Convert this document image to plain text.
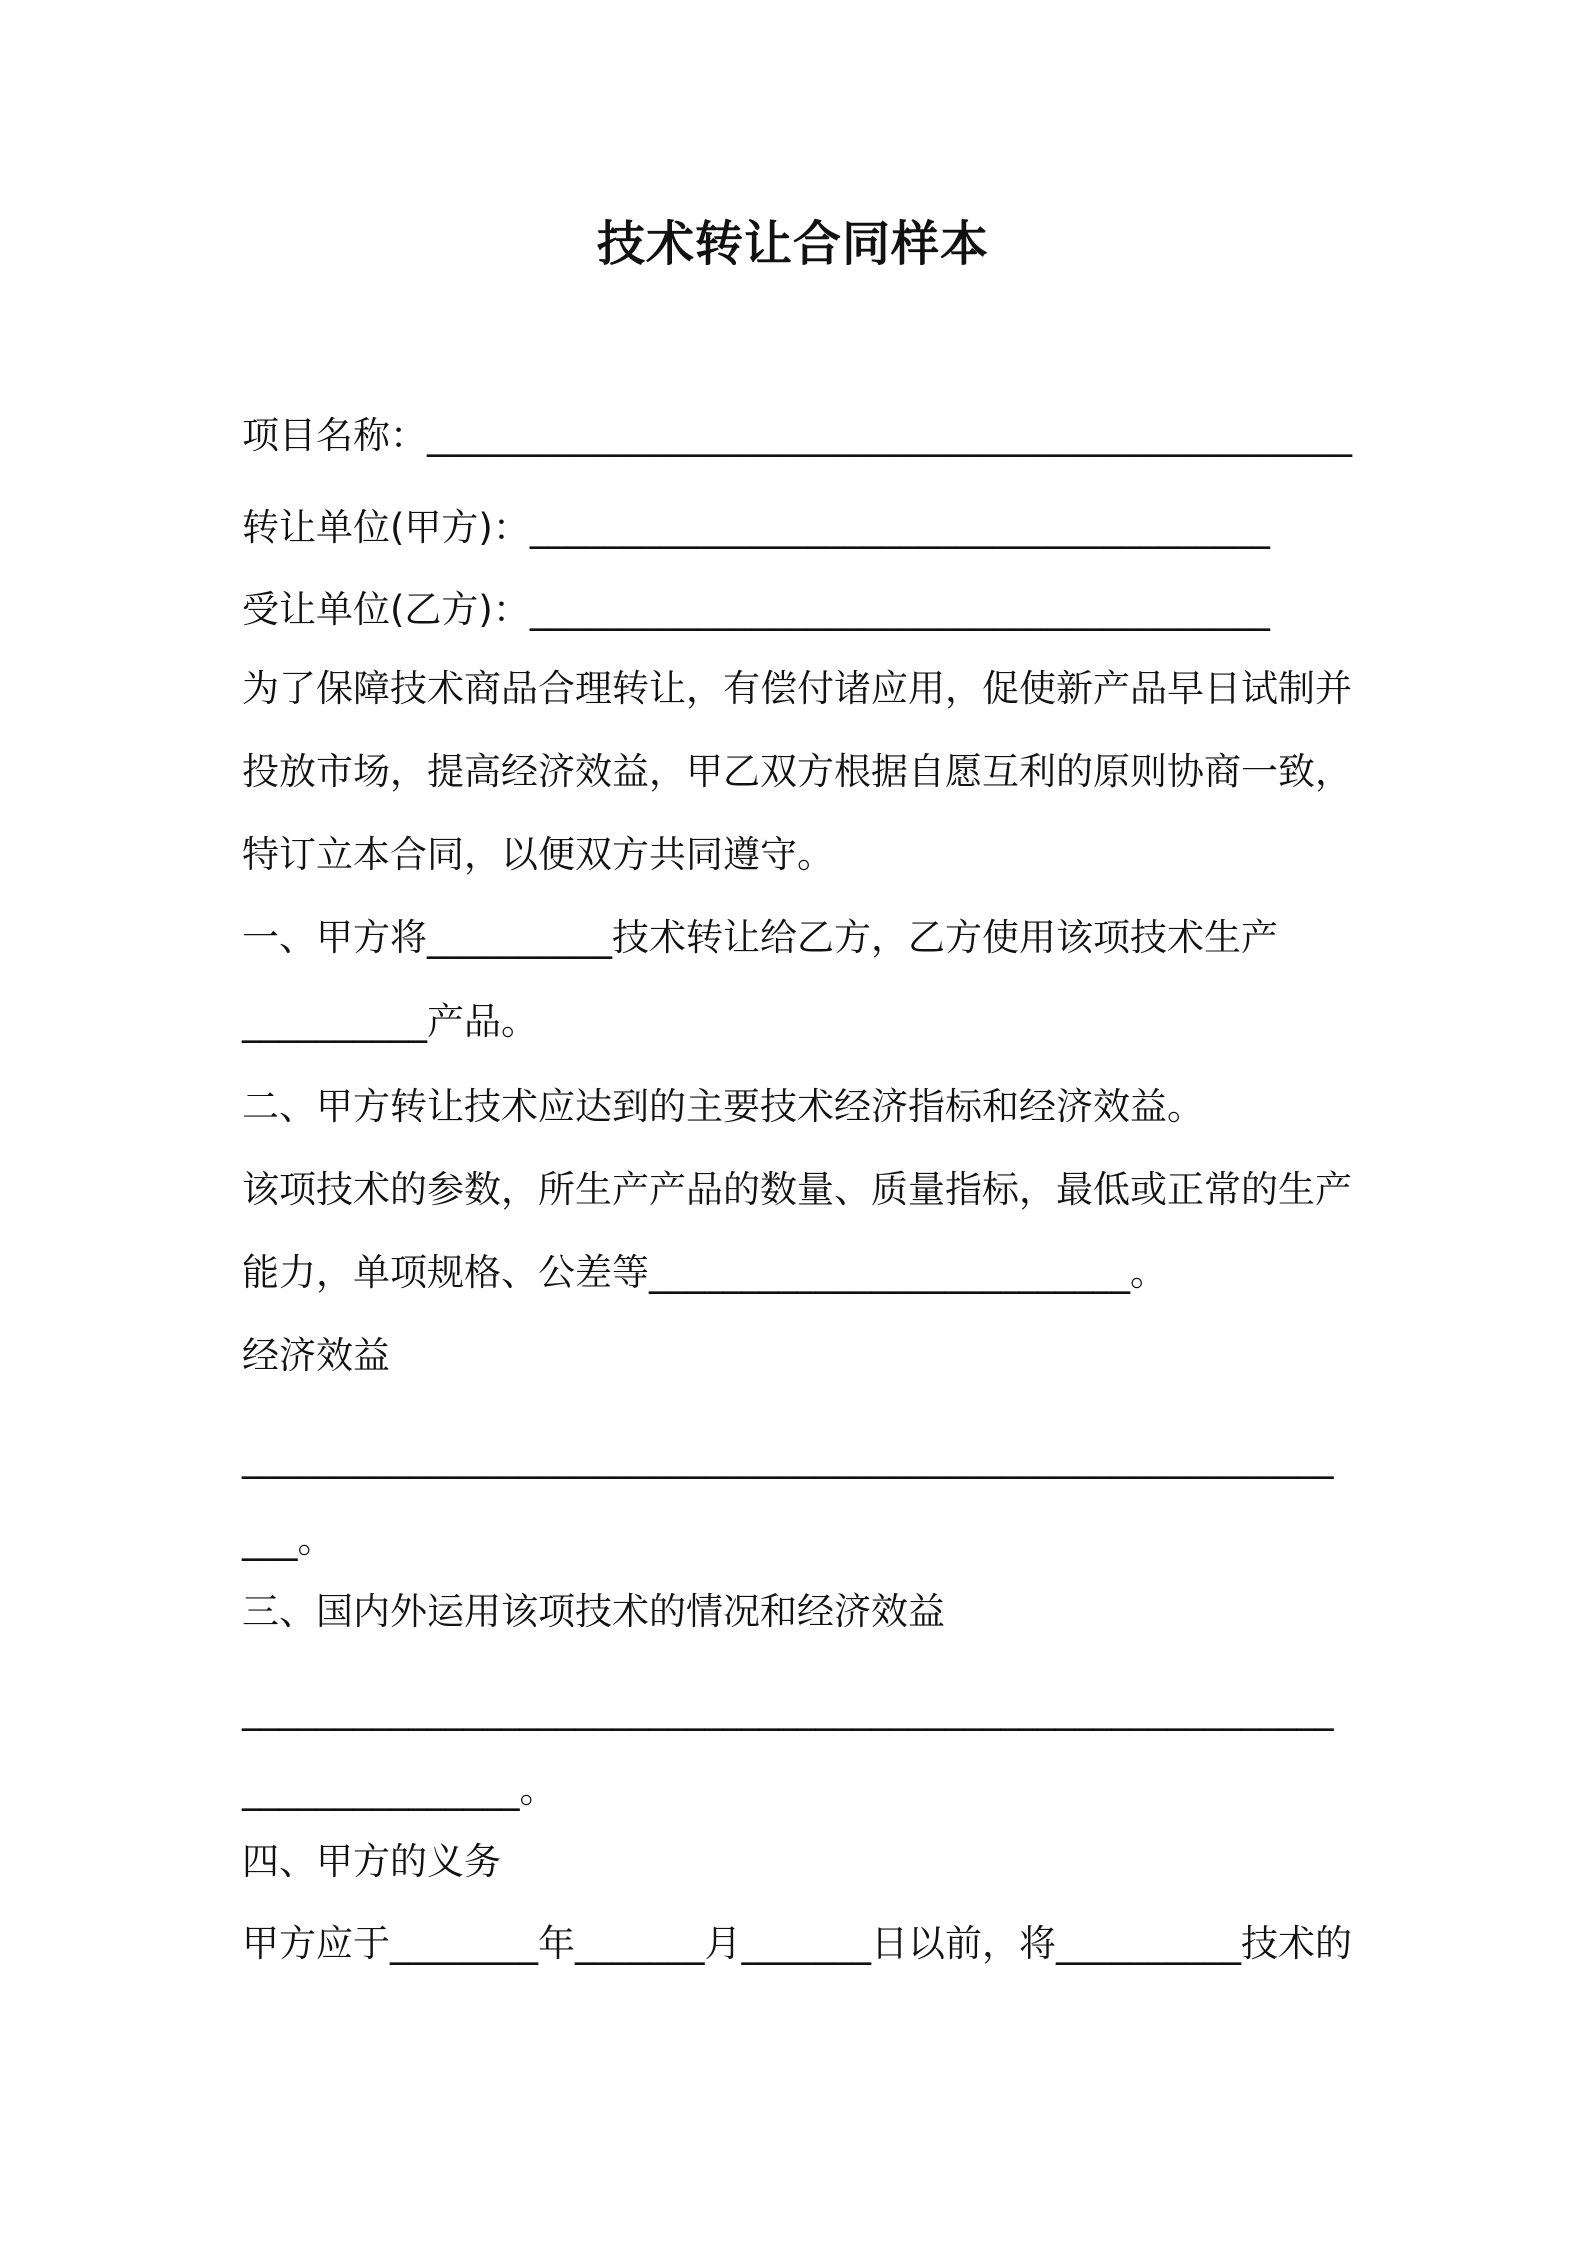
技术转让合同样本
项目名称：__________________________________________________
转让单位(甲方)：________________________________________
受让单位(乙方)：________________________________________
为了保障技术商品合理转让，有偿付诸应用，促使新产品早日试制并
投放市场，提高经济效益，甲乙双方根据自愿互利的原则协商一致，
特订立本合同，以便双方共同遵守。
一、甲方将__________技术转让给乙方，乙方使用该项技术生产
__________产品。
二、甲方转让技术应达到的主要技术经济指标和经济效益。
该项技术的参数，所生产产品的数量、质量指标，最低或正常的生产
能力，单项规格、公差等__________________________。
经济效益
___________________________________________________________
___。
三、国内外运用该项技术的情况和经济效益
___________________________________________________________
_______________。
四、甲方的义务
甲方应于________年_______月_______日以前，将__________技术的
